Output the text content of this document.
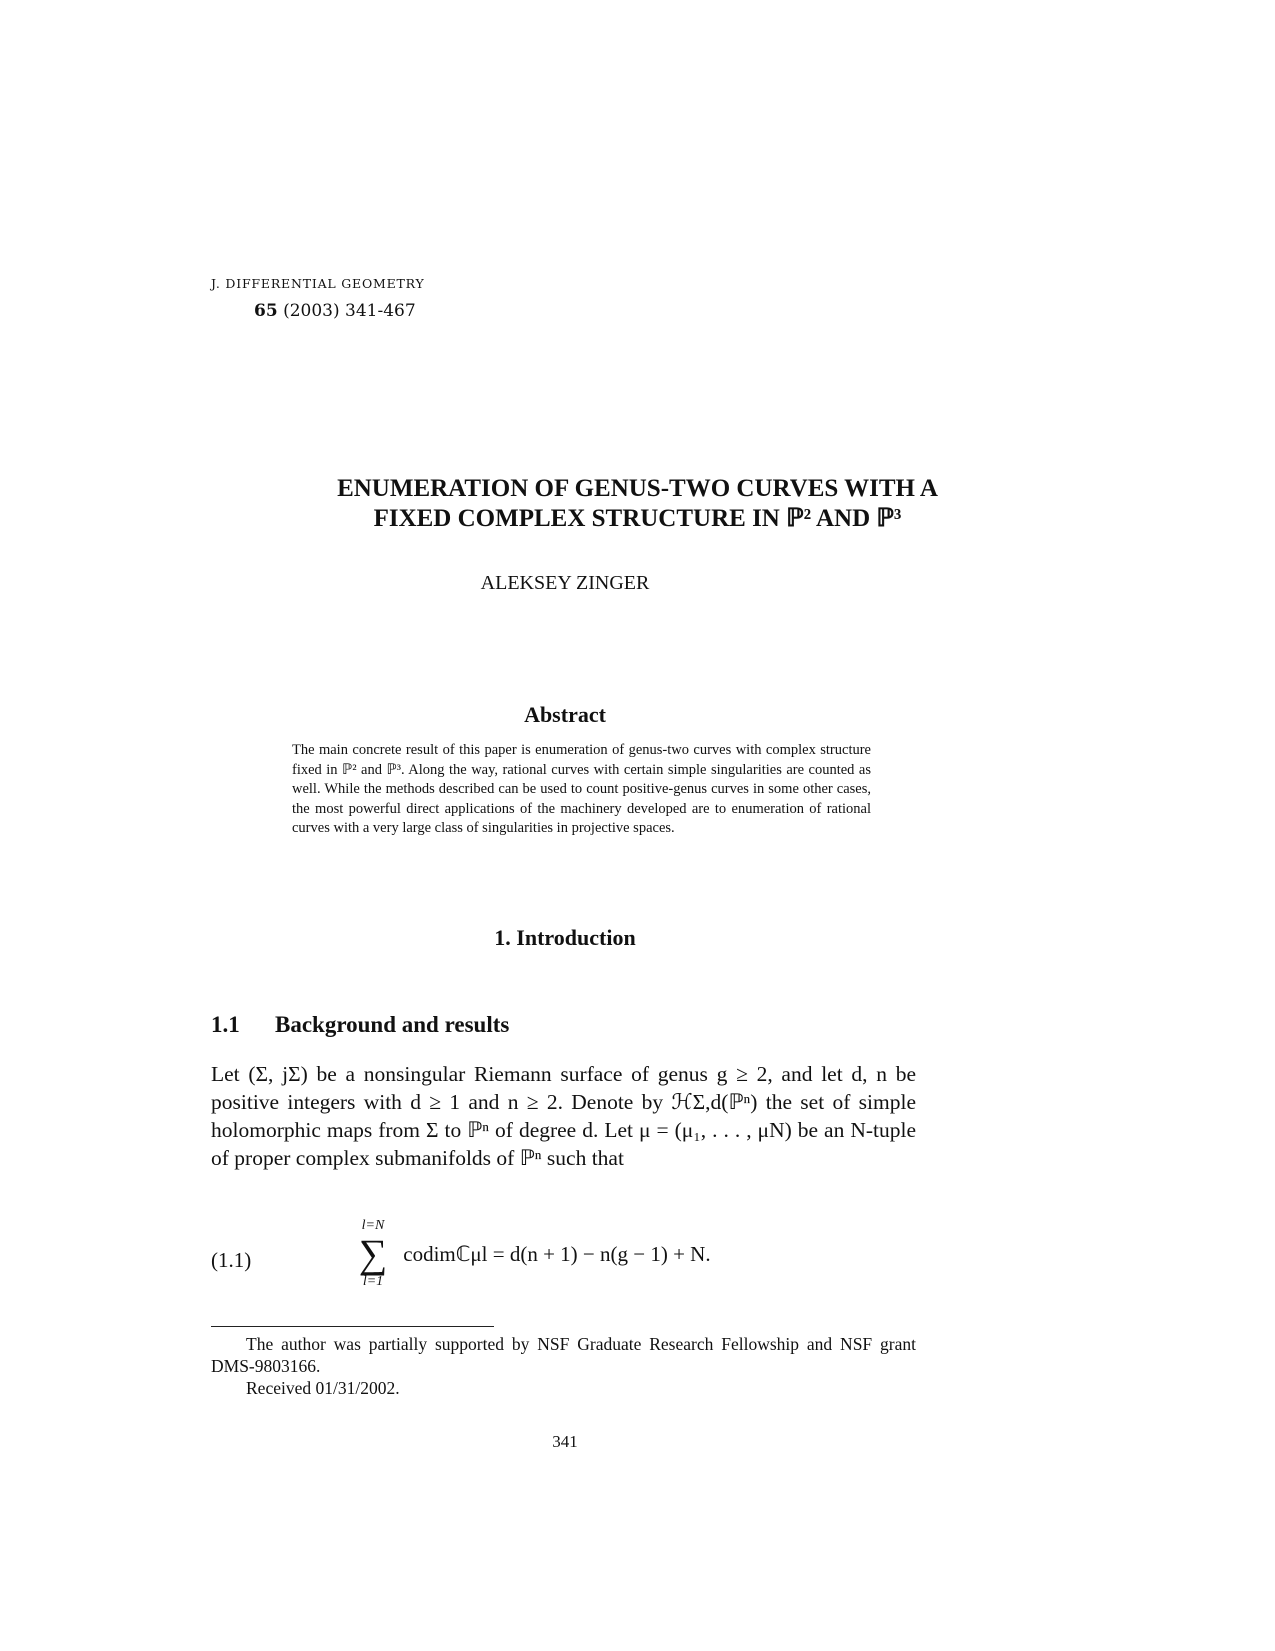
J. DIFFERENTIAL GEOMETRY
65 (2003) 341-467
ENUMERATION OF GENUS-TWO CURVES WITH A
FIXED COMPLEX STRUCTURE IN ℙ² AND ℙ³
ALEKSEY ZINGER
Abstract
The main concrete result of this paper is enumeration of genus-two curves with complex structure fixed in ℙ² and ℙ³. Along the way, rational curves with certain simple singularities are counted as well. While the methods described can be used to count positive-genus curves in some other cases, the most powerful direct applications of the machinery developed are to enumeration of rational curves with a very large class of singularities in projective spaces.
1. Introduction
1.1 Background and results
Let (Σ, jΣ) be a nonsingular Riemann surface of genus g ≥ 2, and let d, n be positive integers with d ≥ 1 and n ≥ 2. Denote by ℋΣ,d(ℙⁿ) the set of simple holomorphic maps from Σ to ℙⁿ of degree d. Let μ = (μ₁, . . . , μN) be an N-tuple of proper complex submanifolds of ℙⁿ such that
(1.1)
l=N
∑
l=1
codimℂμl = d(n + 1) − n(g − 1) + N.

The author was partially supported by NSF Graduate Research Fellowship and NSF grant DMS-9803166.

Received 01/31/2002.

341
